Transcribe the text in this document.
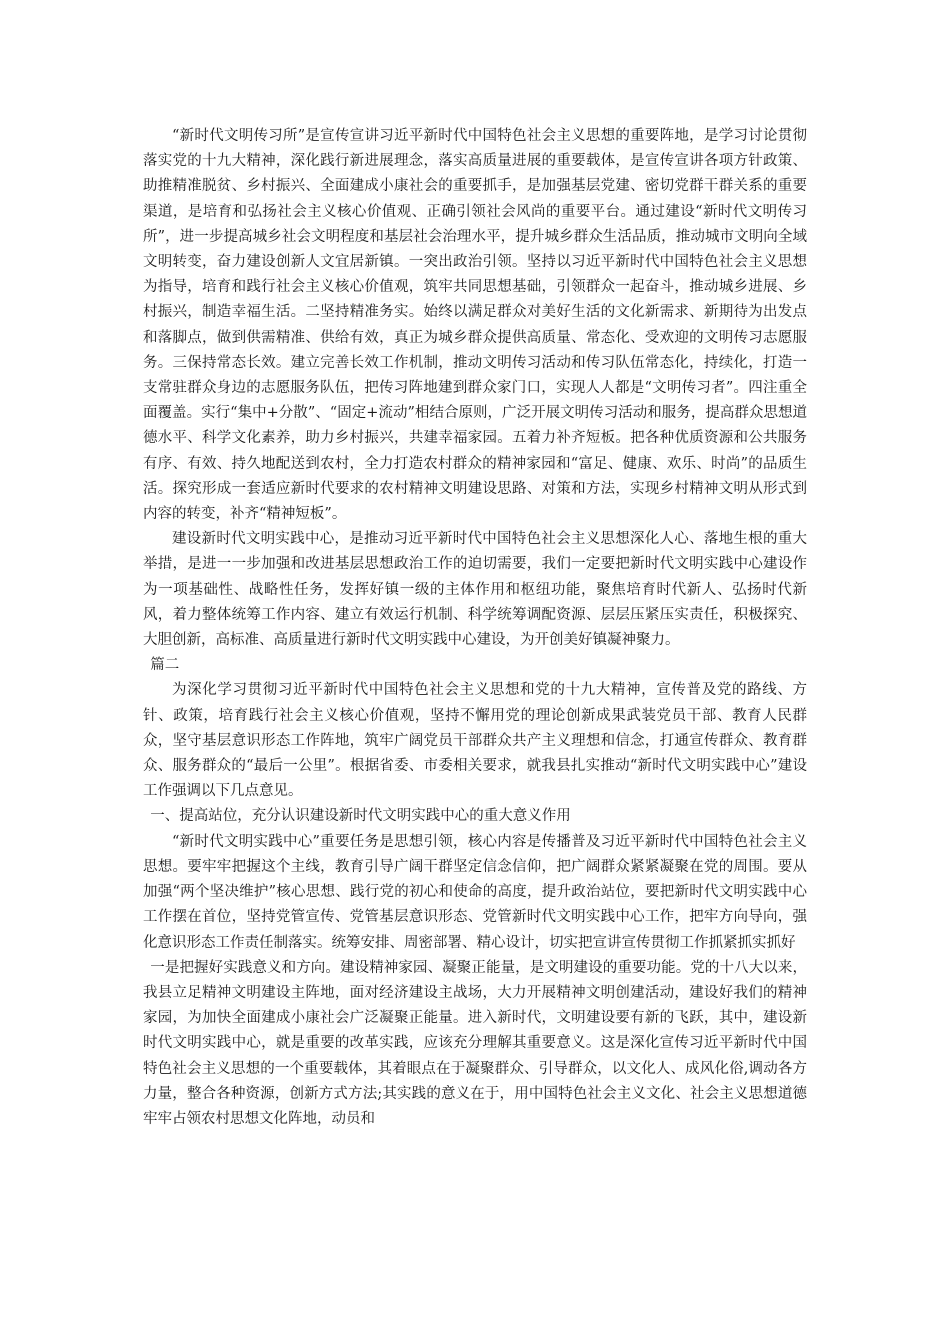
“新时代文明传习所”是宣传宣讲习近平新时代中国特色社会主义思想的重要阵地，是学习讨论贯彻落实党的十九大精神，深化践行新进展理念，落实高质量进展的重要载体，是宣传宣讲各项方针政策、助推精准脱贫、乡村振兴、全面建成小康社会的重要抓手，是加强基层党建、密切党群干群关系的重要渠道，是培育和弘扬社会主义核心价值观、正确引领社会风尚的重要平台。通过建设“新时代文明传习所”，进一步提高城乡社会文明程度和基层社会治理水平，提升城乡群众生活品质，推动城市文明向全域文明转变，奋力建设创新人文宜居新镇。一突出政治引领。坚持以习近平新时代中国特色社会主义思想为指导，培育和践行社会主义核心价值观，筑牢共同思想基础，引领群众一起奋斗，推动城乡进展、乡村振兴，制造幸福生活。二坚持精准务实。始终以满足群众对美好生活的文化新需求、新期待为出发点和落脚点，做到供需精准、供给有效，真正为城乡群众提供高质量、常态化、受欢迎的文明传习志愿服务。三保持常态长效。建立完善长效工作机制，推动文明传习活动和传习队伍常态化，持续化，打造一支常驻群众身边的志愿服务队伍，把传习阵地建到群众家门口，实现人人都是“文明传习者”。四注重全面覆盖。实行“集中+分散”、“固定+流动”相结合原则，广泛开展文明传习活动和服务，提高群众思想道德水平、科学文化素养，助力乡村振兴，共建幸福家园。五着力补齐短板。把各种优质资源和公共服务有序、有效、持久地配送到农村，全力打造农村群众的精神家园和“富足、健康、欢乐、时尚”的品质生活。探究形成一套适应新时代要求的农村精神文明建设思路、对策和方法，实现乡村精神文明从形式到内容的转变，补齐“精神短板”。

建设新时代文明实践中心，是推动习近平新时代中国特色社会主义思想深化人心、落地生根的重大举措，是进一一步加强和改进基层思想政治工作的迫切需要，我们一定要把新时代文明实践中心建设作为一项基础性、战略性任务，发挥好镇一级的主体作用和枢纽功能，聚焦培育时代新人、弘扬时代新风，着力整体统筹工作内容、建立有效运行机制、科学统筹调配资源、层层压紧压实责任，积极探究、大胆创新，高标准、高质量进行新时代文明实践中心建设，为开创美好镇凝神聚力。

篇二

为深化学习贯彻习近平新时代中国特色社会主义思想和党的十九大精神，宣传普及党的路线、方针、政策，培育践行社会主义核心价值观，坚持不懈用党的理论创新成果武装党员干部、教育人民群众，坚守基层意识形态工作阵地，筑牢广阔党员干部群众共产主义理想和信念，打通宣传群众、教育群众、服务群众的“最后一公里”。根据省委、市委相关要求，就我县扎实推动“新时代文明实践中心”建设工作强调以下几点意见。

一、提高站位，充分认识建设新时代文明实践中心的重大意义作用

“新时代文明实践中心”重要任务是思想引领，核心内容是传播普及习近平新时代中国特色社会主义思想。要牢牢把握这个主线，教育引导广阔干群坚定信念信仰，把广阔群众紧紧凝聚在党的周围。要从加强“两个坚决维护”核心思想、践行党的初心和使命的高度，提升政治站位，要把新时代文明实践中心工作摆在首位，坚持党管宣传、党管基层意识形态、党管新时代文明实践中心工作，把牢方向导向，强化意识形态工作责任制落实。统筹安排、周密部署、精心设计，切实把宣讲宣传贯彻工作抓紧抓实抓好

一是把握好实践意义和方向。建设精神家园、凝聚正能量，是文明建设的重要功能。党的十八大以来，我县立足精神文明建设主阵地，面对经济建设主战场，大力开展精神文明创建活动，建设好我们的精神家园，为加快全面建成小康社会广泛凝聚正能量。进入新时代，文明建设要有新的飞跃，其中，建设新时代文明实践中心，就是重要的改革实践，应该充分理解其重要意义。这是深化宣传习近平新时代中国特色社会主义思想的一个重要载体，其着眼点在于凝聚群众、引导群众，以文化人、成风化俗,调动各方力量，整合各种资源，创新方式方法;其实践的意义在于，用中国特色社会主义文化、社会主义思想道德牢牢占领农村思想文化阵地，动员和
